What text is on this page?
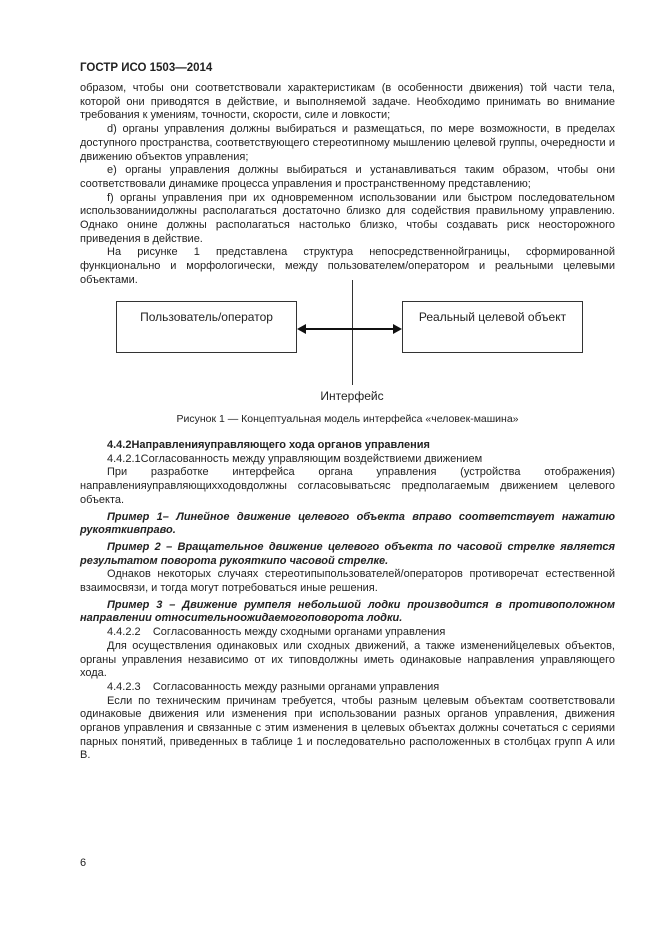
ГОСТР ИСО 1503—2014

образом, чтобы они соответствовали характеристикам (в особенности движения) той части тела, которой они приводятся в действие, и выполняемой задаче. Необходимо принимать во внимание требования к умениям, точности, скорости, силе и ловкости;

d) органы управления должны выбираться и размещаться, по мере возможности, в пределах доступного пространства, соответствующего стереотипному мышлению целевой группы, очередности и движению объектов управления;

e) органы управления должны выбираться и устанавливаться таким образом, чтобы они соответствовали динамике процесса управления и пространственному представлению;

f) органы управления при их одновременном использовании или быстром последовательном использованиидолжны располагаться достаточно близко для содействия правильному управлению. Однако онине должны располагаться настолько близко, чтобы создавать риск неосторожного приведения в действие.

На рисунке 1 представлена структура непосредственнойграницы, сформированной функционально и морфологически, между пользователем/оператором и реальными целевыми объектами.

Пользователь/оператор	Реальный целевой объект
Интерфейс
Рисунок 1 — Концептуальная модель интерфейса «человек-машина»

4.4.2Направленияуправляющего хода органов управления

4.4.2.1Согласованность между управляющим воздействиеми движением

При разработке интерфейса органа управления (устройства отображения) направленияуправляющихходовдолжны согласовыватьсяс предполагаемым движением целевого объекта.

Пример 1– Линейное движение целевого объекта вправо соответствует нажатию рукояткивправо.

Пример 2 – Вращательное движение целевого объекта по часовой стрелке является результатом поворота рукояткипо часовой стрелке.

Однаков некоторых случаях стереотипыпользователей/операторов противоречат естественной взаимосвязи, и тогда могут потребоваться иные решения.

Пример 3 – Движение румпеля небольшой лодки производится в противоположном направлении относительноожидаемогоповорота лодки.

4.4.2.2    Согласованность между сходными органами управления

Для осуществления одинаковых или сходных движений, а также измененийцелевых объектов, органы управления независимо от их типовдолжны иметь одинаковые направления управляющего хода.

4.4.2.3    Согласованность между разными органами управления

Если по техническим причинам требуется, чтобы разным целевым объектам соответствовали одинаковые движения или изменения при использовании разных органов управления, движения органов управления и связанные с этим изменения в целевых объектах должны сочетаться с сериями парных понятий, приведенных в таблице 1 и последовательно расположенных в столбцах групп A или B.

6
